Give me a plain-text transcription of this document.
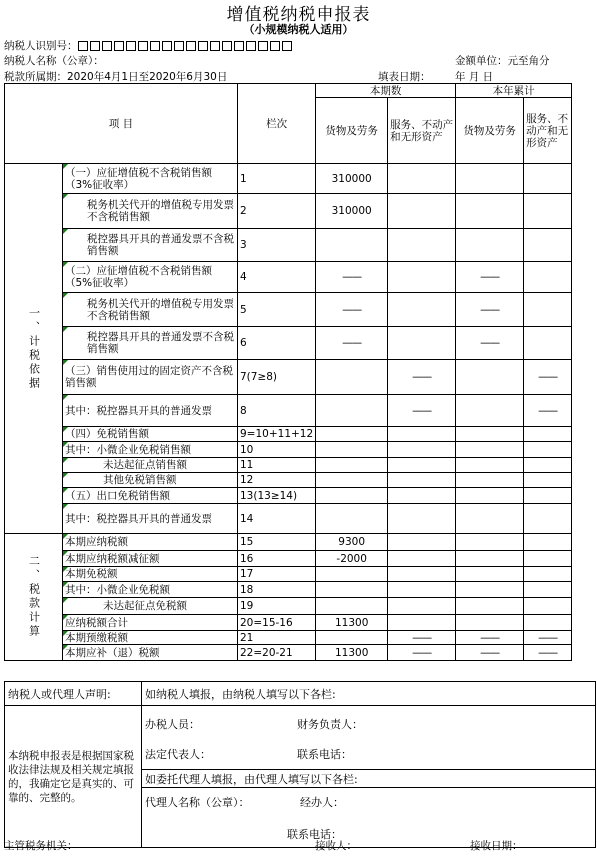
增值税纳税申报表
（小规模纳税人适用）
纳税人识别号：
纳税人名称（公章）：	金额单位：元至角分
税款所属期：2020年4月1日至2020年6月30日	填表日期： 年 月 日
项 目		栏次	本期数		本年累计	
			货物及劳务	服务、不动产和无形资产	货物及劳务	服务、不动产和无形资产

一、计税依据	（一）应征增值税不含税销售额（3%征收率）	1	310000			
	税务机关代开的增值税专用发票不含税销售额	2	310000			
	税控器具开具的普通发票不含税销售额	3				
	（二）应征增值税不含税销售额（5%征收率）	4	——		——	
	税务机关代开的增值税专用发票不含税销售额	5	——		——	
	税控器具开具的普通发票不含税销售额	6	——		——	
	（三）销售使用过的固定资产不含税销售额	7(7≥8)		——		——
	其中：税控器具开具的普通发票	8		——		——
	（四）免税销售额	9=10+11+12				
	其中：小微企业免税销售额	10				
	未达起征点销售额	11				
	其他免税销售额	12				
	（五）出口免税销售额	13(13≥14)				
	其中：税控器具开具的普通发票	14				

二、税款计算	本期应纳税额	15	9300			
	本期应纳税额减征额	16	-2000			
	本期免税额	17				
	其中：小微企业免税额	18				
	未达起征点免税额	19				
	应纳税额合计	20=15-16	11300			
	本期预缴税额	21		——	——	——
	本期应补（退）税额	22=20-21	11300	——	——	——
纳税人或代理人声明:	如纳税人填报，由纳税人填写以下各栏:
本纳税申报表是根据国家税收法律法规及相关规定填报的，我确定它是真实的、可靠的、完整的。	办税人员： 财务负责人：
法定代表人： 联系电话：

	如委托代理人填报，由代理人填写以下各栏:

	代理人名称（公章）： 经办人：
联系电话：
主管税务机关：	接收人：	接收日期：
